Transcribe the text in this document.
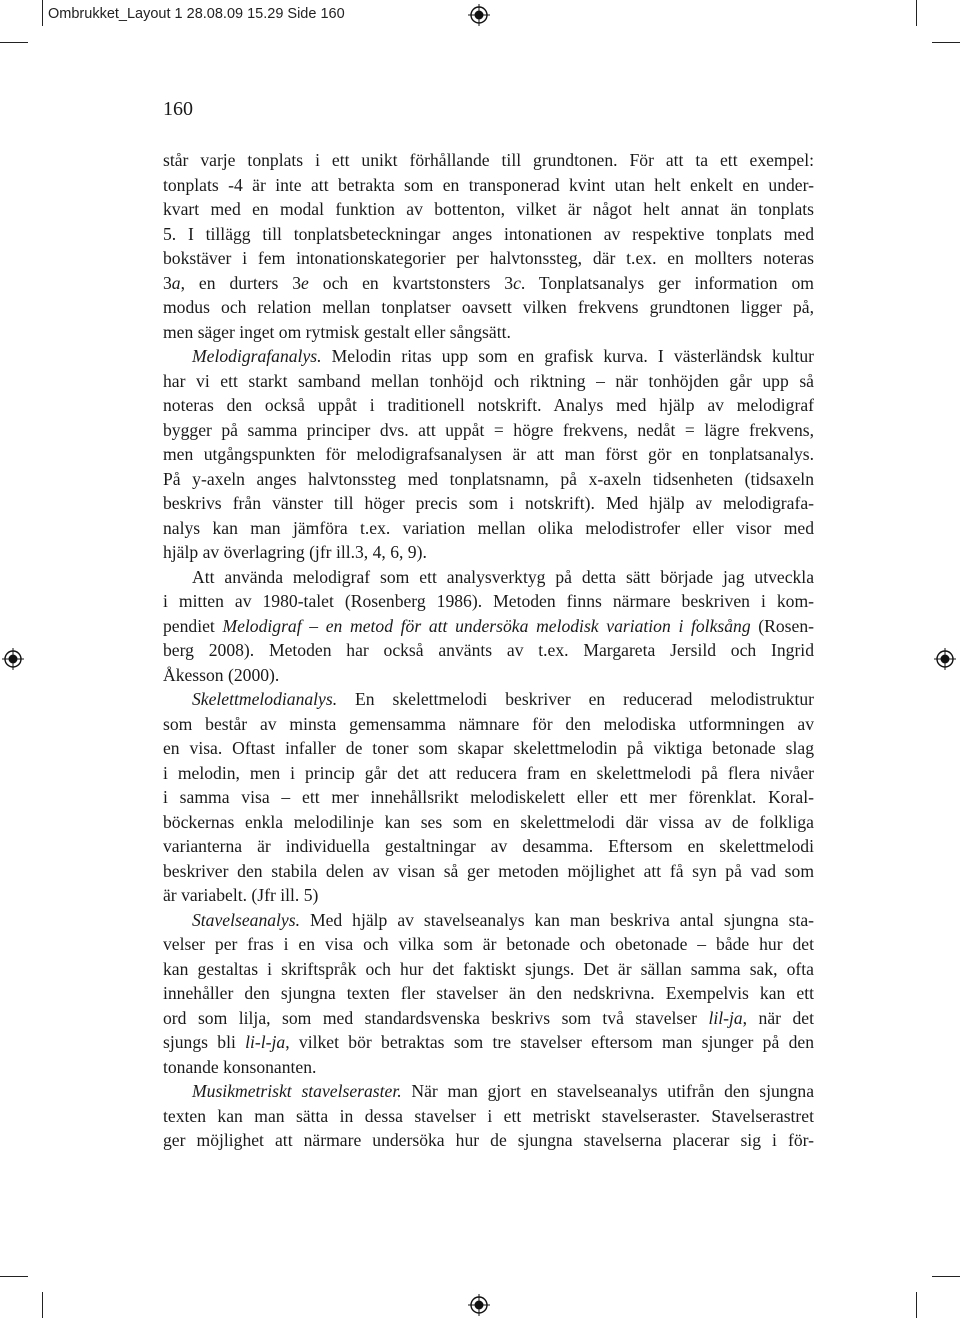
Ombrukket_Layout 1 28.08.09 15.29 Side 160
160
står varje tonplats i ett unikt förhållande till grundtonen. För att ta ett exempel:
tonplats -4 är inte att betrakta som en transponerad kvint utan helt enkelt en under-
kvart med en modal funktion av bottenton, vilket är något helt annat än tonplats
5. I tillägg till tonplatsbeteckningar anges intonationen av respektive tonplats med
bokstäver i fem intonationskategorier per halvtonssteg, där t.ex. en mollters noteras
3a, en durters 3e och en kvartstonsters 3c. Tonplatsanalys ger information om
modus och relation mellan tonplatser oavsett vilken frekvens grundtonen ligger på,
men säger inget om rytmisk gestalt eller sångsätt.
Melodigrafanalys. Melodin ritas upp som en grafisk kurva. I västerländsk kultur
har vi ett starkt samband mellan tonhöjd och riktning – när tonhöjden går upp så
noteras den också uppåt i traditionell notskrift. Analys med hjälp av melodigraf
bygger på samma principer dvs. att uppåt = högre frekvens, nedåt = lägre frekvens,
men utgångspunkten för melodigrafsanalysen är att man först gör en tonplatsanalys.
På y-axeln anges halvtonssteg med tonplatsnamn, på x-axeln tidsenheten (tidsaxeln
beskrivs från vänster till höger precis som i notskrift). Med hjälp av melodigrafa-
nalys kan man jämföra t.ex. variation mellan olika melodistrofer eller visor med
hjälp av överlagring (jfr ill.3, 4, 6, 9).
Att använda melodigraf som ett analysverktyg på detta sätt började jag utveckla
i mitten av 1980-talet (Rosenberg 1986). Metoden finns närmare beskriven i kom-
pendiet Melodigraf – en metod för att undersöka melodisk variation i folksång (Rosen-
berg 2008). Metoden har också använts av t.ex. Margareta Jersild och Ingrid
Åkesson (2000).
Skelettmelodianalys. En skelettmelodi beskriver en reducerad melodistruktur
som består av minsta gemensamma nämnare för den melodiska utformningen av
en visa. Oftast infaller de toner som skapar skelettmelodin på viktiga betonade slag
i melodin, men i princip går det att reducera fram en skelettmelodi på flera nivåer
i samma visa – ett mer innehållsrikt melodiskelett eller ett mer förenklat. Koral-
böckernas enkla melodilinje kan ses som en skelettmelodi där vissa av de folkliga
varianterna är individuella gestaltningar av desamma. Eftersom en skelettmelodi
beskriver den stabila delen av visan så ger metoden möjlighet att få syn på vad som
är variabelt. (Jfr ill. 5)
Stavelseanalys. Med hjälp av stavelseanalys kan man beskriva antal sjungna sta-
velser per fras i en visa och vilka som är betonade och obetonade – både hur det
kan gestaltas i skriftspråk och hur det faktiskt sjungs. Det är sällan samma sak, ofta
innehåller den sjungna texten fler stavelser än den nedskrivna. Exempelvis kan ett
ord som lilja, som med standardsvenska beskrivs som två stavelser lil-ja, när det
sjungs bli li-l-ja, vilket bör betraktas som tre stavelser eftersom man sjunger på den
tonande konsonanten.
Musikmetriskt stavelseraster. När man gjort en stavelseanalys utifrån den sjungna
texten kan man sätta in dessa stavelser i ett metriskt stavelseraster. Stavelserastret
ger möjlighet att närmare undersöka hur de sjungna stavelserna placerar sig i för-
